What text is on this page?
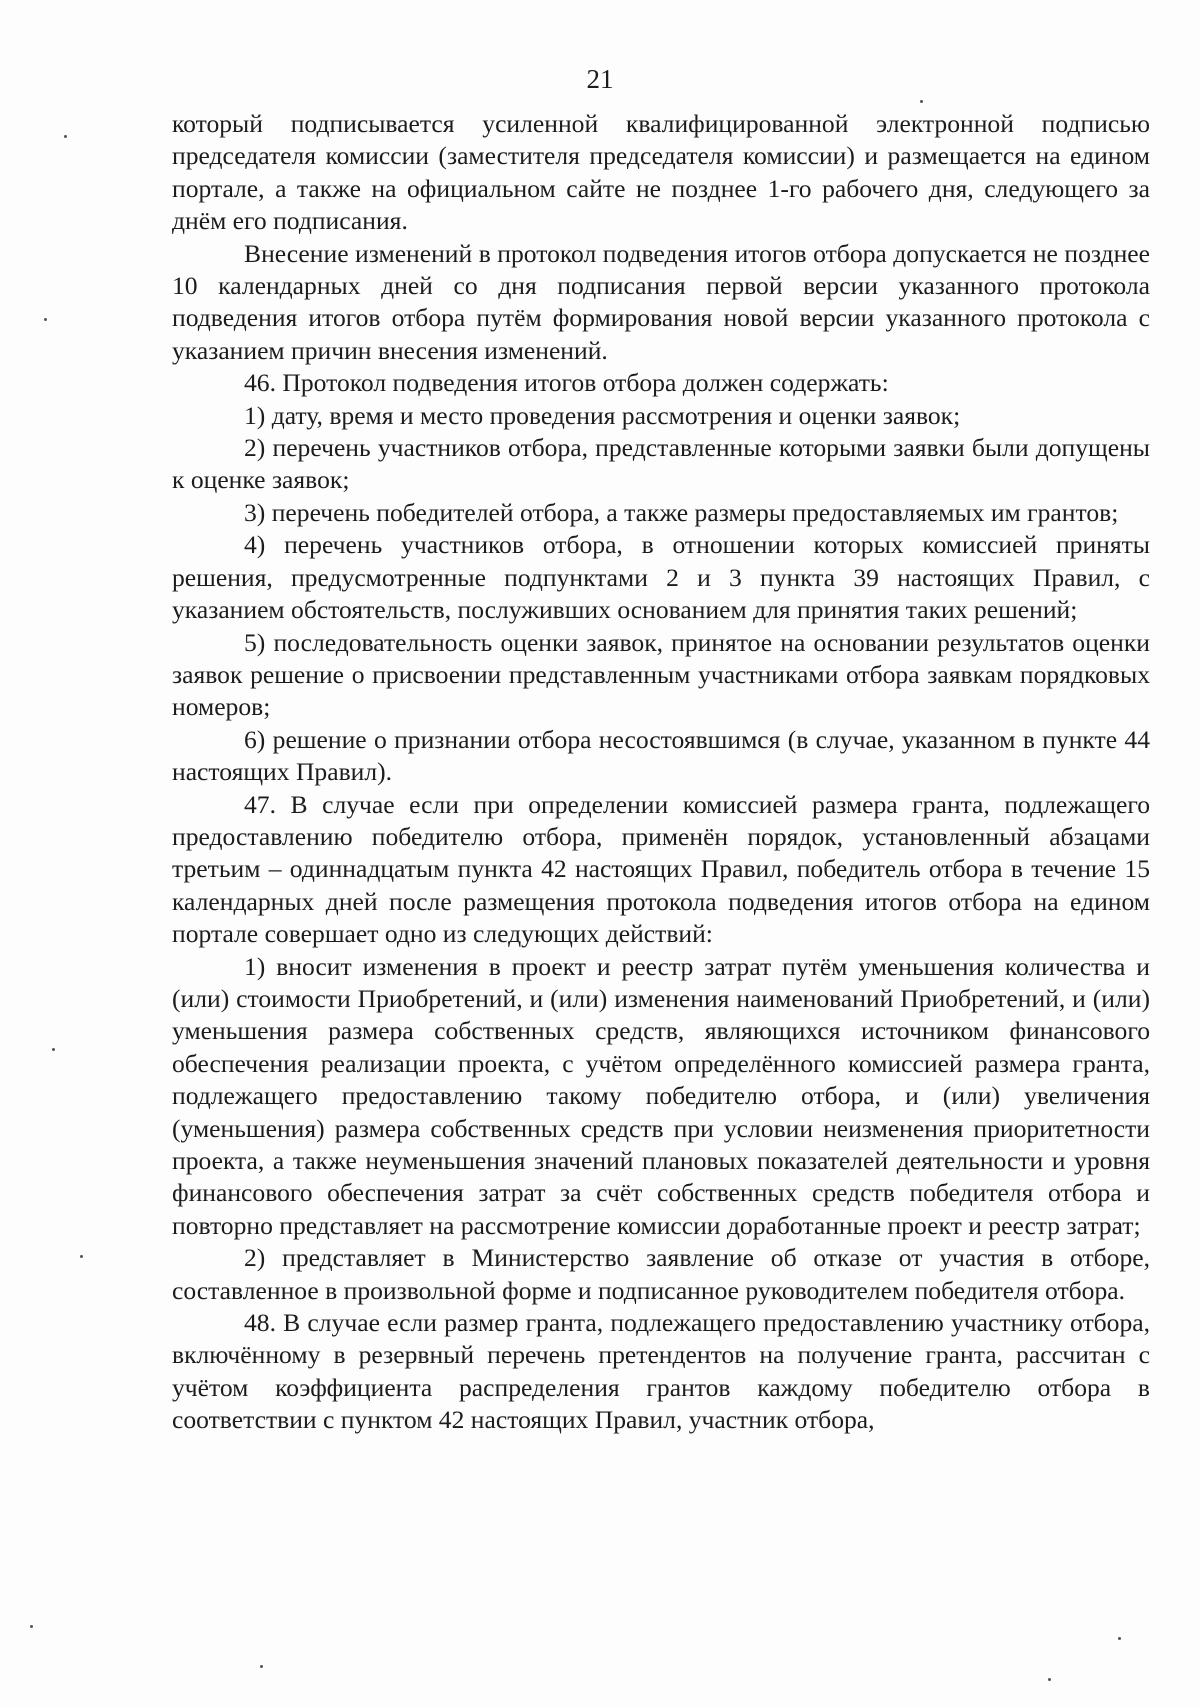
21

который подписывается усиленной квалифицированной электронной подписью председателя комиссии (заместителя председателя комиссии) и размещается на едином портале, а также на официальном сайте не позднее 1-го рабочего дня, следующего за днём его подписания.

Внесение изменений в протокол подведения итогов отбора допускается не позднее 10 календарных дней со дня подписания первой версии указанного протокола подведения итогов отбора путём формирования новой версии указанного протокола с указанием причин внесения изменений.

46. Протокол подведения итогов отбора должен содержать:

1) дату, время и место проведения рассмотрения и оценки заявок;

2) перечень участников отбора, представленные которыми заявки были допущены к оценке заявок;

3) перечень победителей отбора, а также размеры предоставляемых им грантов;

4) перечень участников отбора, в отношении которых комиссией приняты решения, предусмотренные подпунктами 2 и 3 пункта 39 настоящих Правил, с указанием обстоятельств, послуживших основанием для принятия таких решений;

5) последовательность оценки заявок, принятое на основании результатов оценки заявок решение о присвоении представленным участниками отбора заявкам порядковых номеров;

6) решение о признании отбора несостоявшимся (в случае, указанном в пункте 44 настоящих Правил).

47. В случае если при определении комиссией размера гранта, подлежащего предоставлению победителю отбора, применён порядок, установленный абзацами третьим – одиннадцатым пункта 42 настоящих Правил, победитель отбора в течение 15 календарных дней после размещения протокола подведения итогов отбора на едином портале совершает одно из следующих действий:

1) вносит изменения в проект и реестр затрат путём уменьшения количества и (или) стоимости Приобретений, и (или) изменения наименований Приобретений, и (или) уменьшения размера собственных средств, являющихся источником финансового обеспечения реализации проекта, с учётом определённого комиссией размера гранта, подлежащего предоставлению такому победителю отбора, и (или) увеличения (уменьшения) размера собственных средств при условии неизменения приоритетности проекта, а также неуменьшения значений плановых показателей деятельности и уровня финансового обеспечения затрат за счёт собственных средств победителя отбора и повторно представляет на рассмотрение комиссии доработанные проект и реестр затрат;

2) представляет в Министерство заявление об отказе от участия в отборе, составленное в произвольной форме и подписанное руководителем победителя отбора.

48. В случае если размер гранта, подлежащего предоставлению участнику отбора, включённому в резервный перечень претендентов на получение гранта, рассчитан с учётом коэффициента распределения грантов каждому победителю отбора в соответствии с пунктом 42 настоящих Правил, участник отбора,
